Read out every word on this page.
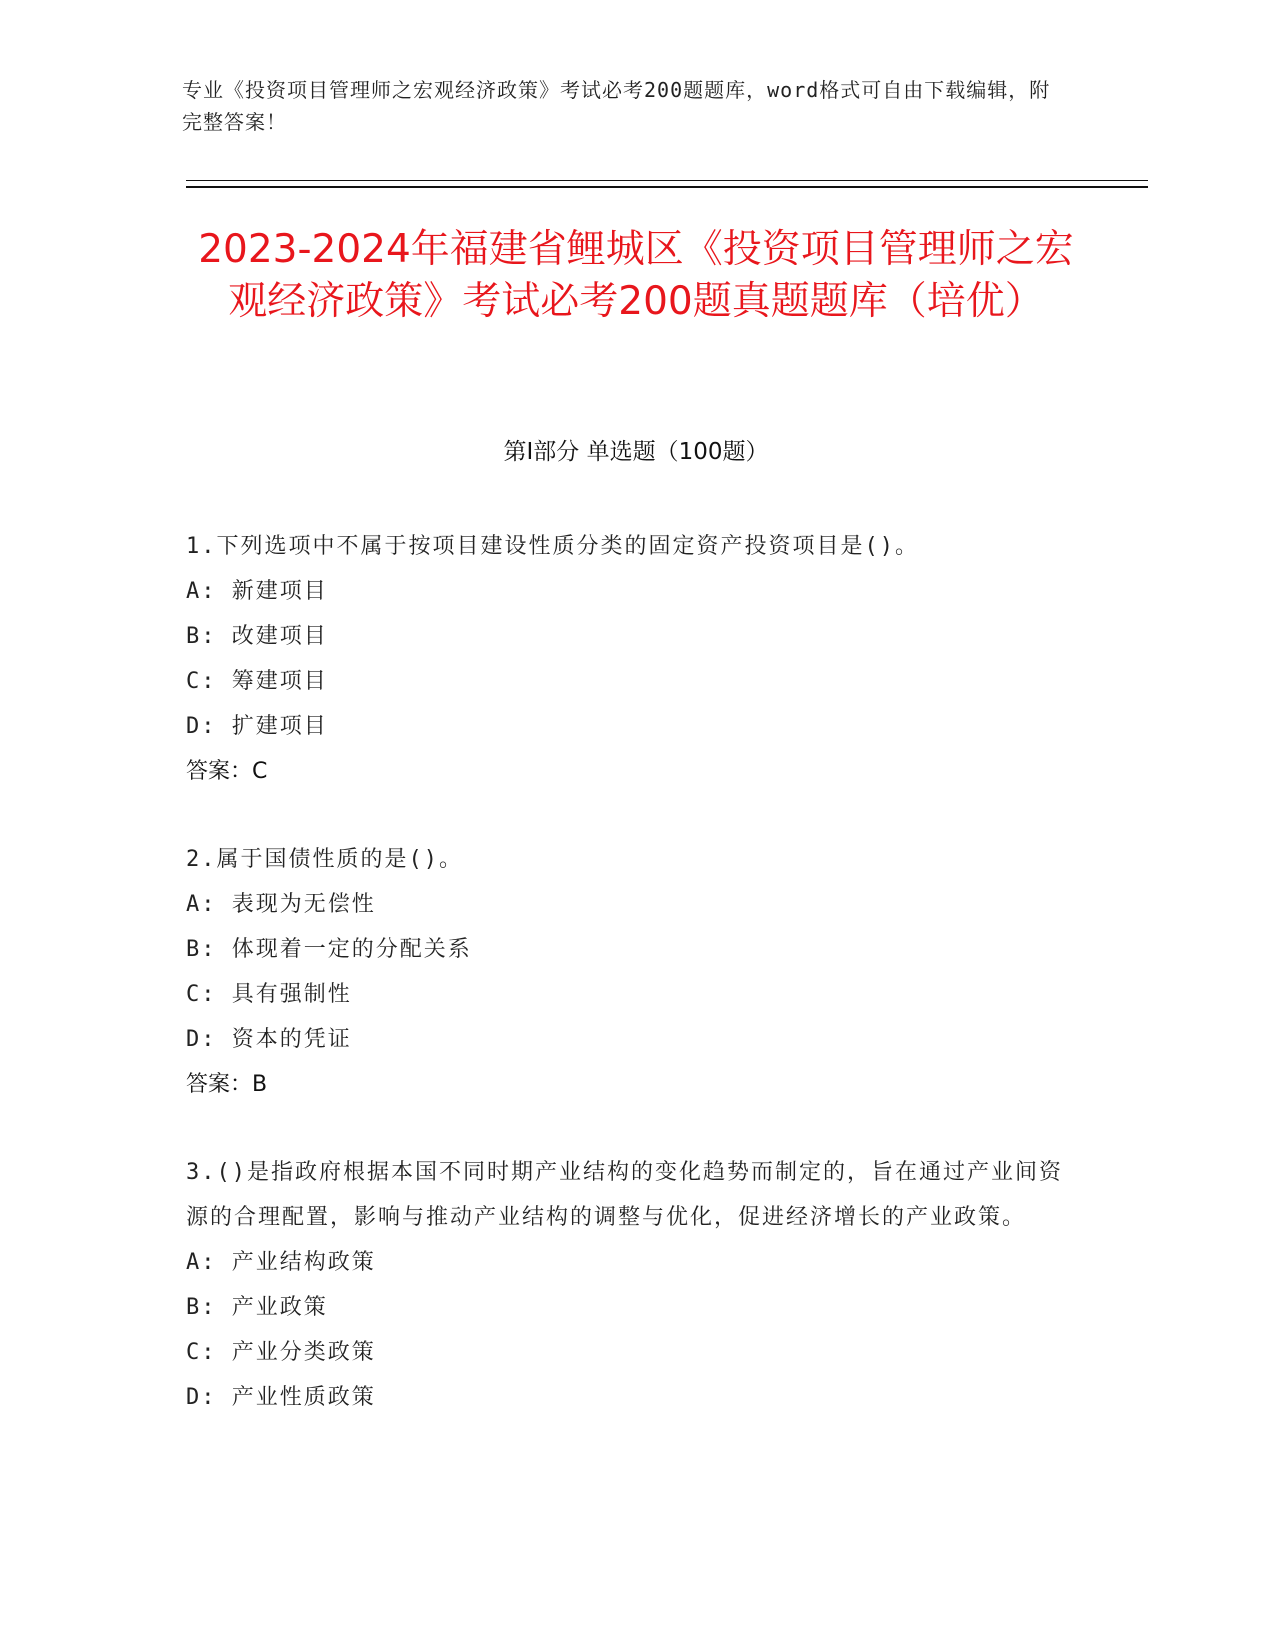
专业《投资项目管理师之宏观经济政策》考试必考200题题库，word格式可自由下载编辑，附完整答案！
2023-2024年福建省鲤城区《投资项目管理师之宏观经济政策》考试必考200题真题题库（培优）
第I部分 单选题（100题）

1.下列选项中不属于按项目建设性质分类的固定资产投资项目是()。

A: 新建项目

B: 改建项目

C: 筹建项目

D: 扩建项目

答案：C

2.属于国债性质的是()。

A: 表现为无偿性

B: 体现着一定的分配关系

C: 具有强制性

D: 资本的凭证

答案：B

3.()是指政府根据本国不同时期产业结构的变化趋势而制定的，旨在通过产业间资源的合理配置，影响与推动产业结构的调整与优化，促进经济增长的产业政策。

A: 产业结构政策

B: 产业政策

C: 产业分类政策

D: 产业性质政策
